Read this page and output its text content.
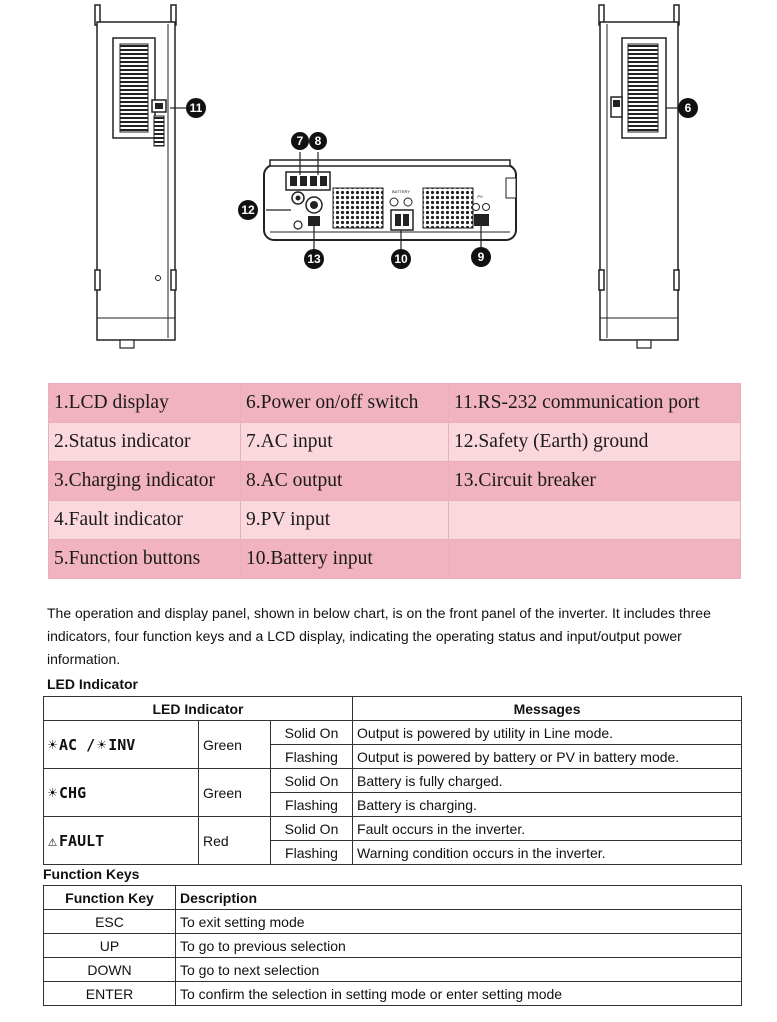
11
BATTERY
PV
7 8
12
13	10	9
6
1.LCD display	6.Power on/off switch	11.RS-232 communication port
2.Status indicator	7.AC input	12.Safety (Earth) ground
3.Charging indicator	8.AC output	13.Circuit breaker
4.Fault indicator	9.PV input	
5.Function buttons	10.Battery input	

The operation and display panel, shown in below chart, is on the front panel of the inverter. It includes three indicators, four function keys and a LCD display, indicating the operating status and input/output power information.

LED Indicator

LED Indicator			Messages

☀ AC / ☀ INV	Green	Solid On	Output is powered by utility in Line mode.
		Flashing	Output is powered by battery or PV in battery mode.

☀ CHG	Green	Solid On	Battery is fully charged.
		Flashing	Battery is charging.

⚠ FAULT	Red	Solid On	Fault occurs in the inverter.
		Flashing	Warning condition occurs in the inverter.

Function Keys

Function Key	Description
ESC	To exit setting mode
UP	To go to previous selection
DOWN	To go to next selection
ENTER	To confirm the selection in setting mode or enter setting mode
